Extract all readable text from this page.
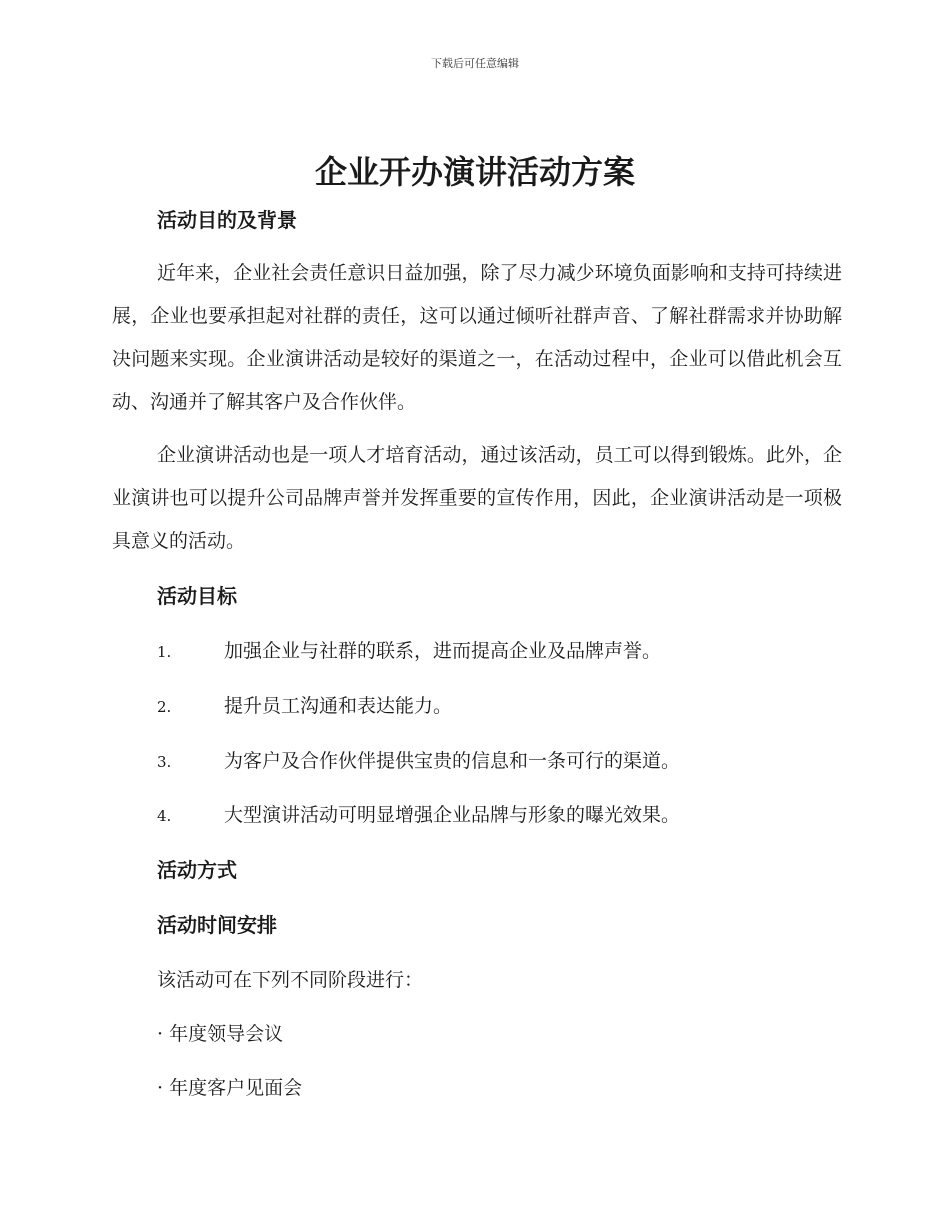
下载后可任意编辑
企业开办演讲活动方案
活动目的及背景

近年来，企业社会责任意识日益加强，除了尽力减少环境负面影响和支持可持续进展，企业也要承担起对社群的责任，这可以通过倾听社群声音、了解社群需求并协助解决问题来实现。企业演讲活动是较好的渠道之一，在活动过程中，企业可以借此机会互动、沟通并了解其客户及合作伙伴。

企业演讲活动也是一项人才培育活动，通过该活动，员工可以得到锻炼。此外，企业演讲也可以提升公司品牌声誉并发挥重要的宣传作用，因此，企业演讲活动是一项极具意义的活动。

活动目标
1.	加强企业与社群的联系，进而提高企业及品牌声誉。
2.	提升员工沟通和表达能力。
3.	为客户及合作伙伴提供宝贵的信息和一条可行的渠道。
4.	大型演讲活动可明显增强企业品牌与形象的曝光效果。
活动方式
活动时间安排
该活动可在下列不同阶段进行：
· 年度领导会议
· 年度客户见面会
